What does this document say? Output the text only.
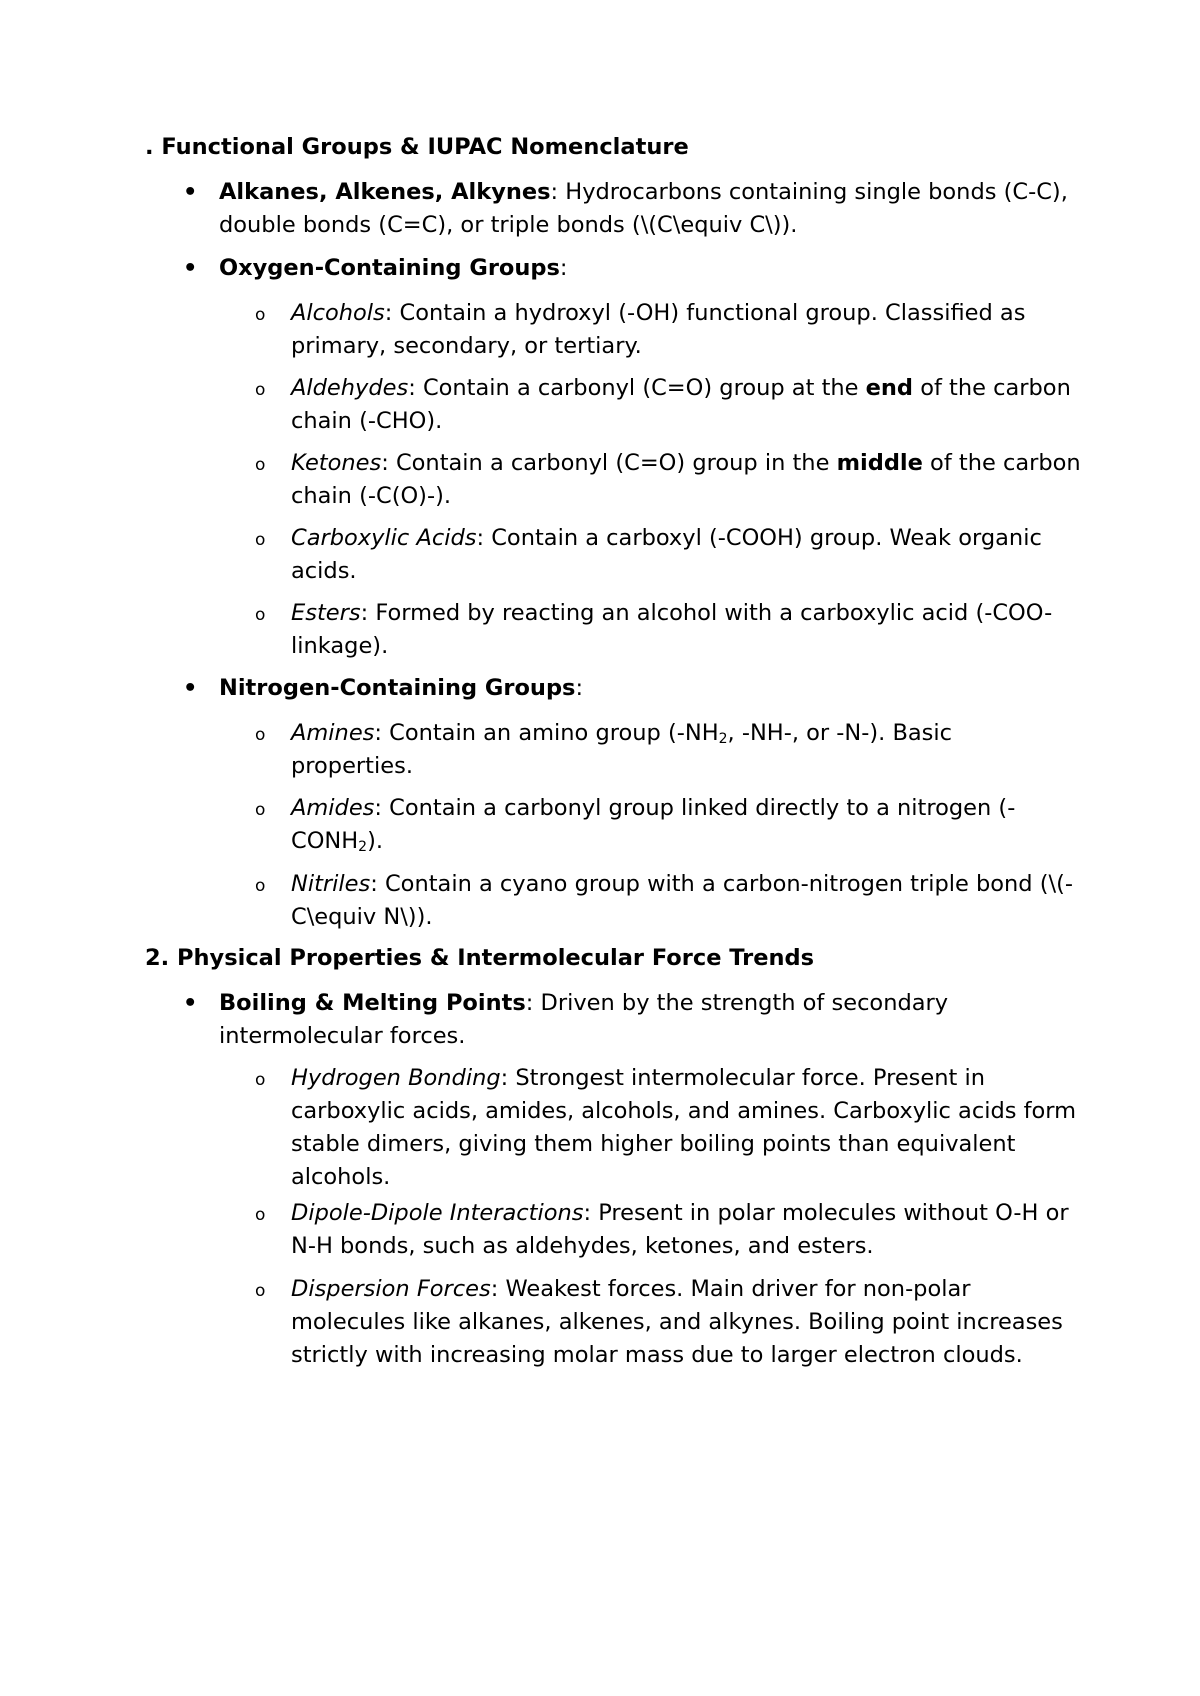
. Functional Groups & IUPAC Nomenclature
• Alkanes, Alkenes, Alkynes: Hydrocarbons containing single bonds (C-C), double bonds (C=C), or triple bonds (\(C\equiv C\)).
• Oxygen-Containing Groups:
o Alcohols: Contain a hydroxyl (-OH) functional group. Classified as primary, secondary, or tertiary.
o Aldehydes: Contain a carbonyl (C=O) group at the end of the carbon chain (-CHO).
o Ketones: Contain a carbonyl (C=O) group in the middle of the carbon chain (-C(O)-).
o Carboxylic Acids: Contain a carboxyl (-COOH) group. Weak organic acids.
o Esters: Formed by reacting an alcohol with a carboxylic acid (-COO- linkage).
• Nitrogen-Containing Groups:
o Amines: Contain an amino group ($-NH_2$, -NH-, or -N-). Basic properties.
o Amides: Contain a carbonyl group linked directly to a nitrogen $(-CONH_2)$.
o Nitriles: Contain a cyano group with a carbon-nitrogen triple bond (\(-C\equiv N\)).
2. Physical Properties & Intermolecular Force Trends
• Boiling & Melting Points: Driven by the strength of secondary intermolecular forces.
o Hydrogen Bonding: Strongest intermolecular force. Present in carboxylic acids, amides, alcohols, and amines. Carboxylic acids form stable dimers, giving them higher boiling points than equivalent alcohols.
o Dipole-Dipole Interactions: Present in polar molecules without O-H or N-H bonds, such as aldehydes, ketones, and esters.
o Dispersion Forces: Weakest forces. Main driver for non-polar molecules like alkanes, alkenes, and alkynes. Boiling point increases strictly with increasing molar mass due to larger electron clouds.
